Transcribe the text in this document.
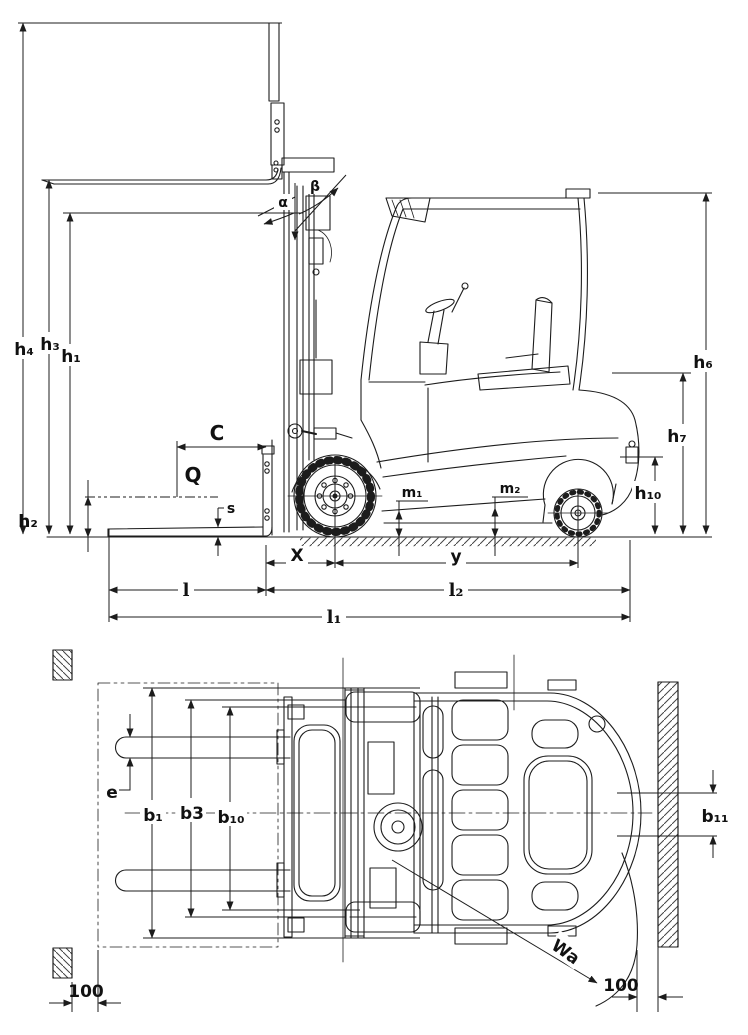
h₄ h₃
h₁
h₂
s
C
Q
α
β
h₆
h₇
h₁₀
m₁	m₂
X	y
l	l₂
l₁
e
b₁ b3 b₁₀	b₁₁
Wa
100
100
